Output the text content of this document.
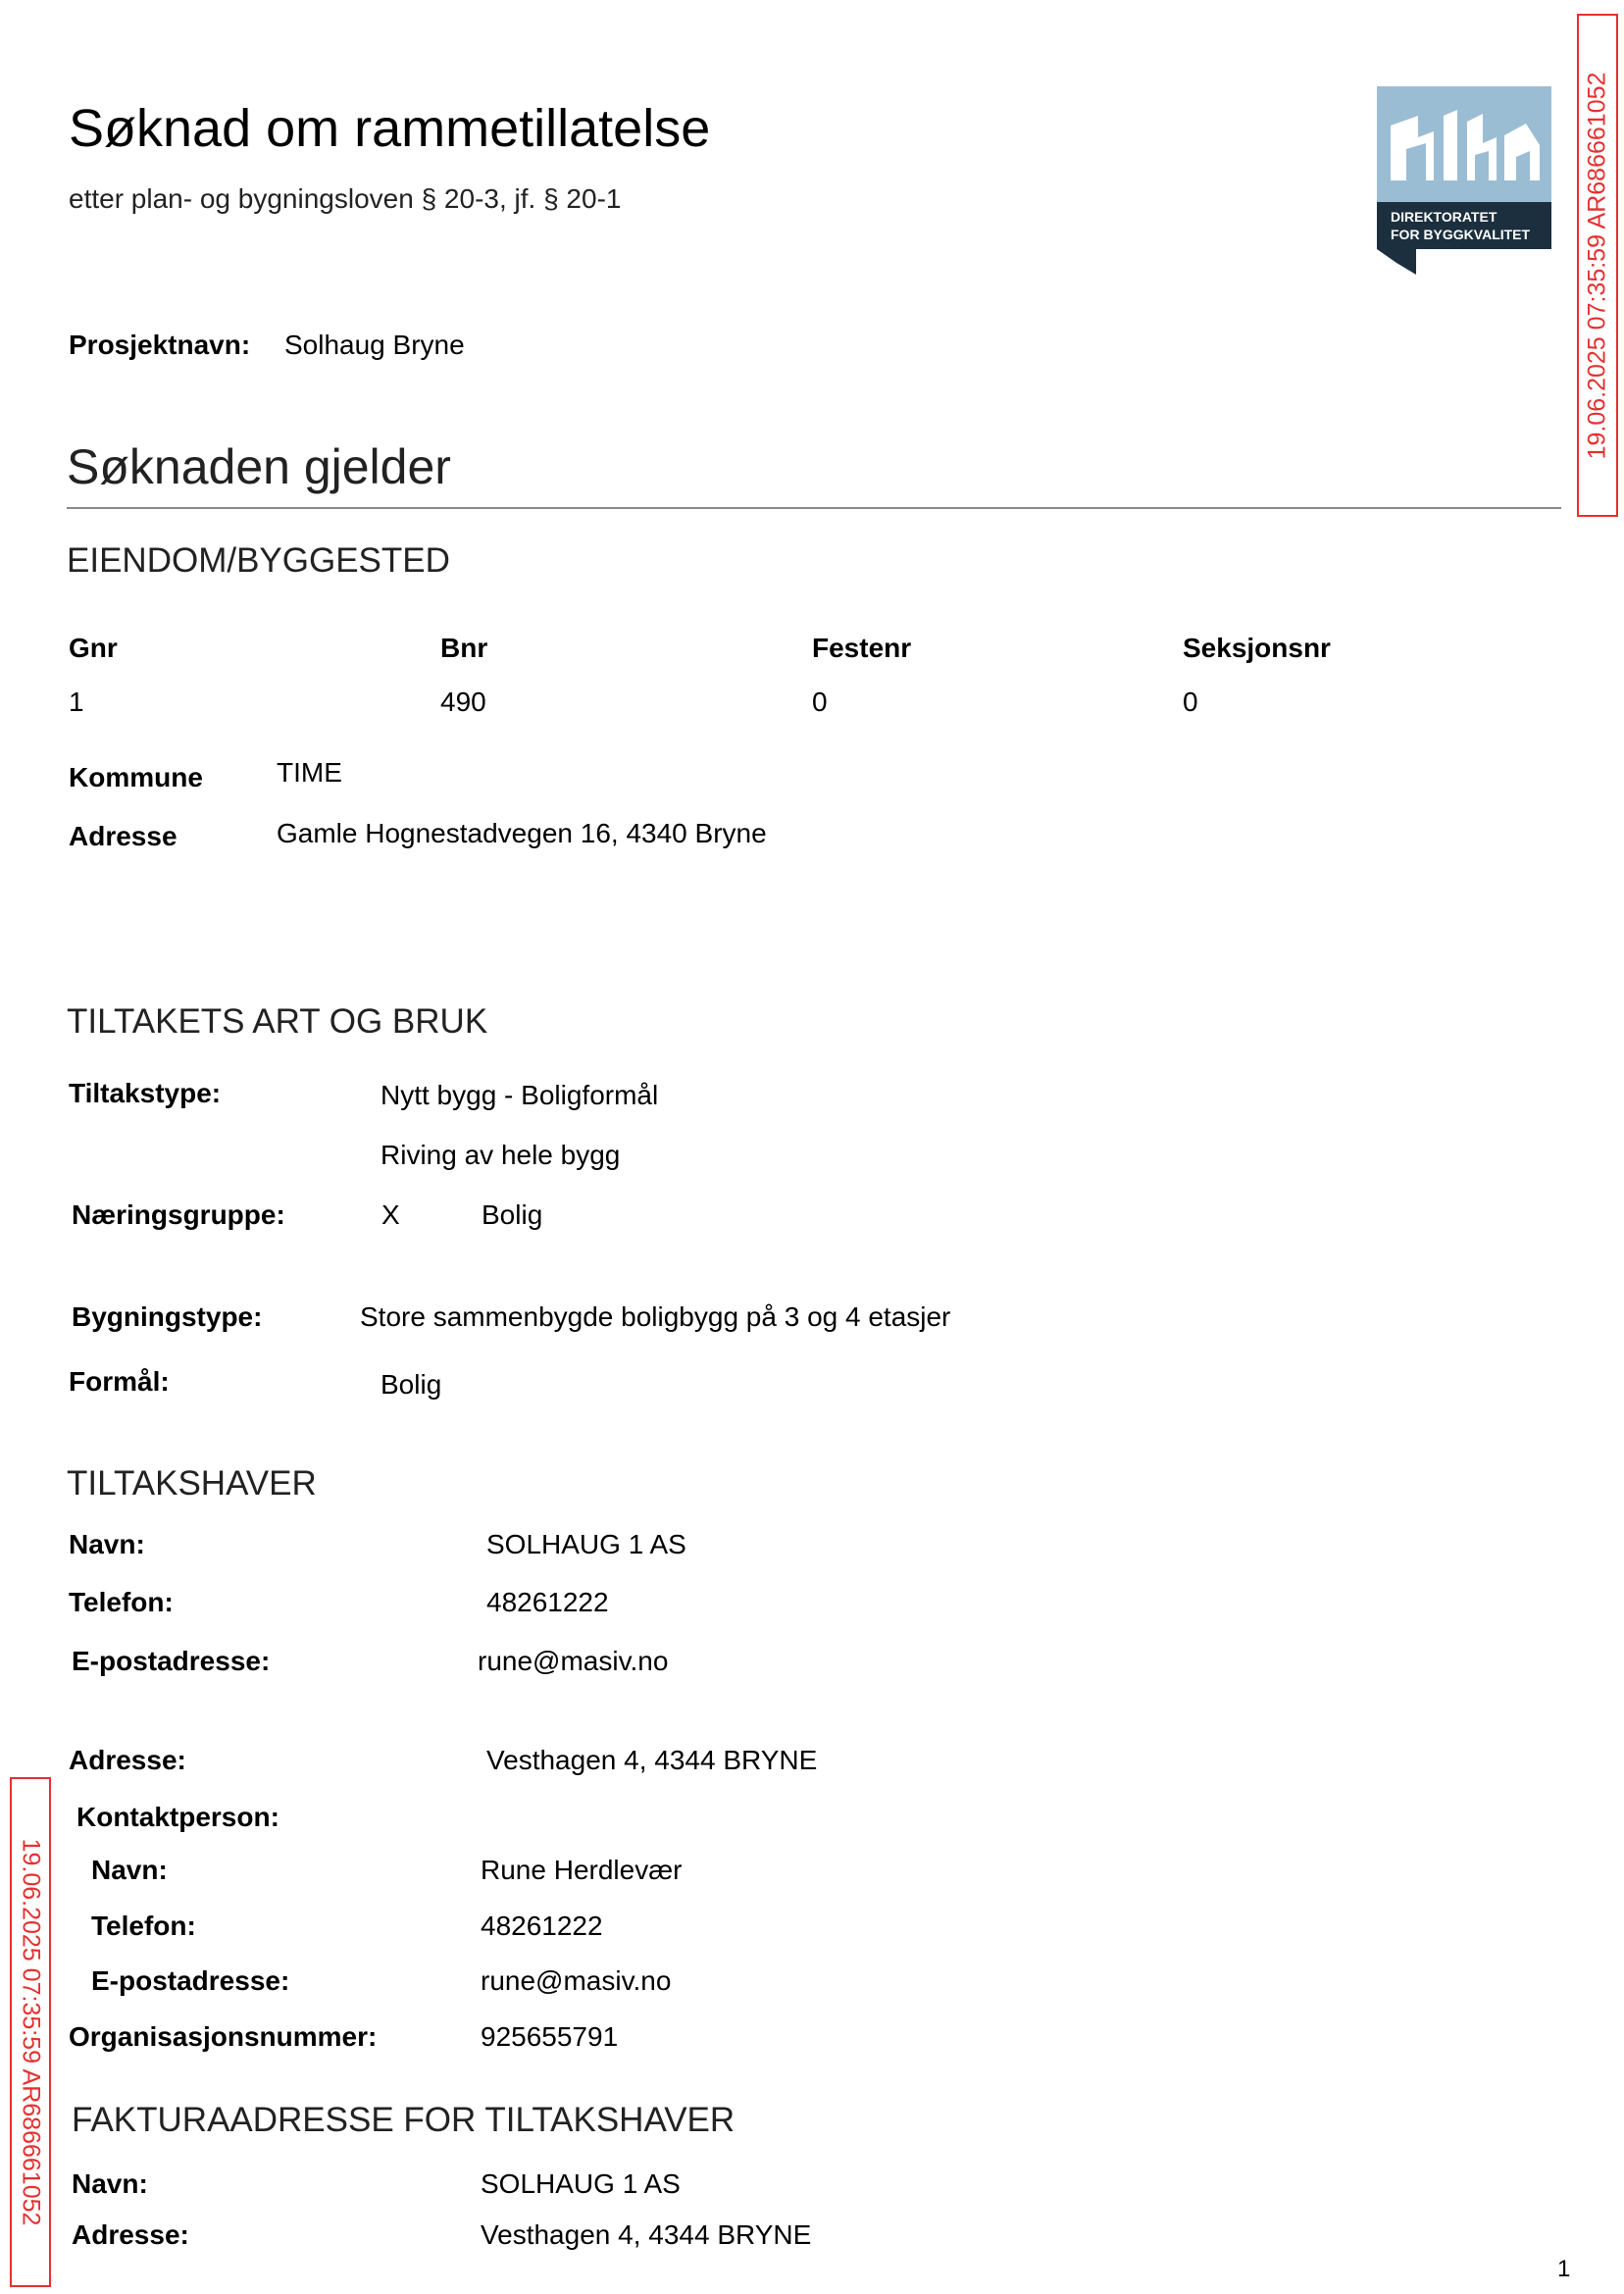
Søknad om rammetillatelse
etter plan- og bygningsloven § 20-3, jf. § 20-1
DIREKTORATET
FOR BYGGKVALITET 19.06.2025 07:35:59 AR686661052
19.06.2025 07:35:59 AR686661052
Prosjektnavn: Solhaug Bryne
Søknaden gjelder
EIENDOM/BYGGESTED
Gnr	Bnr	Festenr	Seksjonsnr
1	490	0	0
Kommune	TIME
Adresse	Gamle Hognestadvegen 16, 4340 Bryne
TILTAKETS ART OG BRUK
Tiltakstype:	Nytt bygg - Boligformål
Riving av hele bygg
Næringsgruppe:	X	Bolig
Bygningstype:	Store sammenbygde boligbygg på 3 og 4 etasjer
Formål:	Bolig
TILTAKSHAVER
Navn:	SOLHAUG 1 AS
Telefon:	48261222
E-postadresse:	rune@masiv.no
Adresse:	Vesthagen 4, 4344 BRYNE
Kontaktperson:
Navn:	Rune Herdlevær
Telefon:	48261222
E-postadresse:	rune@masiv.no
Organisasjonsnummer:	925655791
FAKTURAADRESSE FOR TILTAKSHAVER
Navn:	SOLHAUG 1 AS
Adresse:	Vesthagen 4, 4344 BRYNE
1
